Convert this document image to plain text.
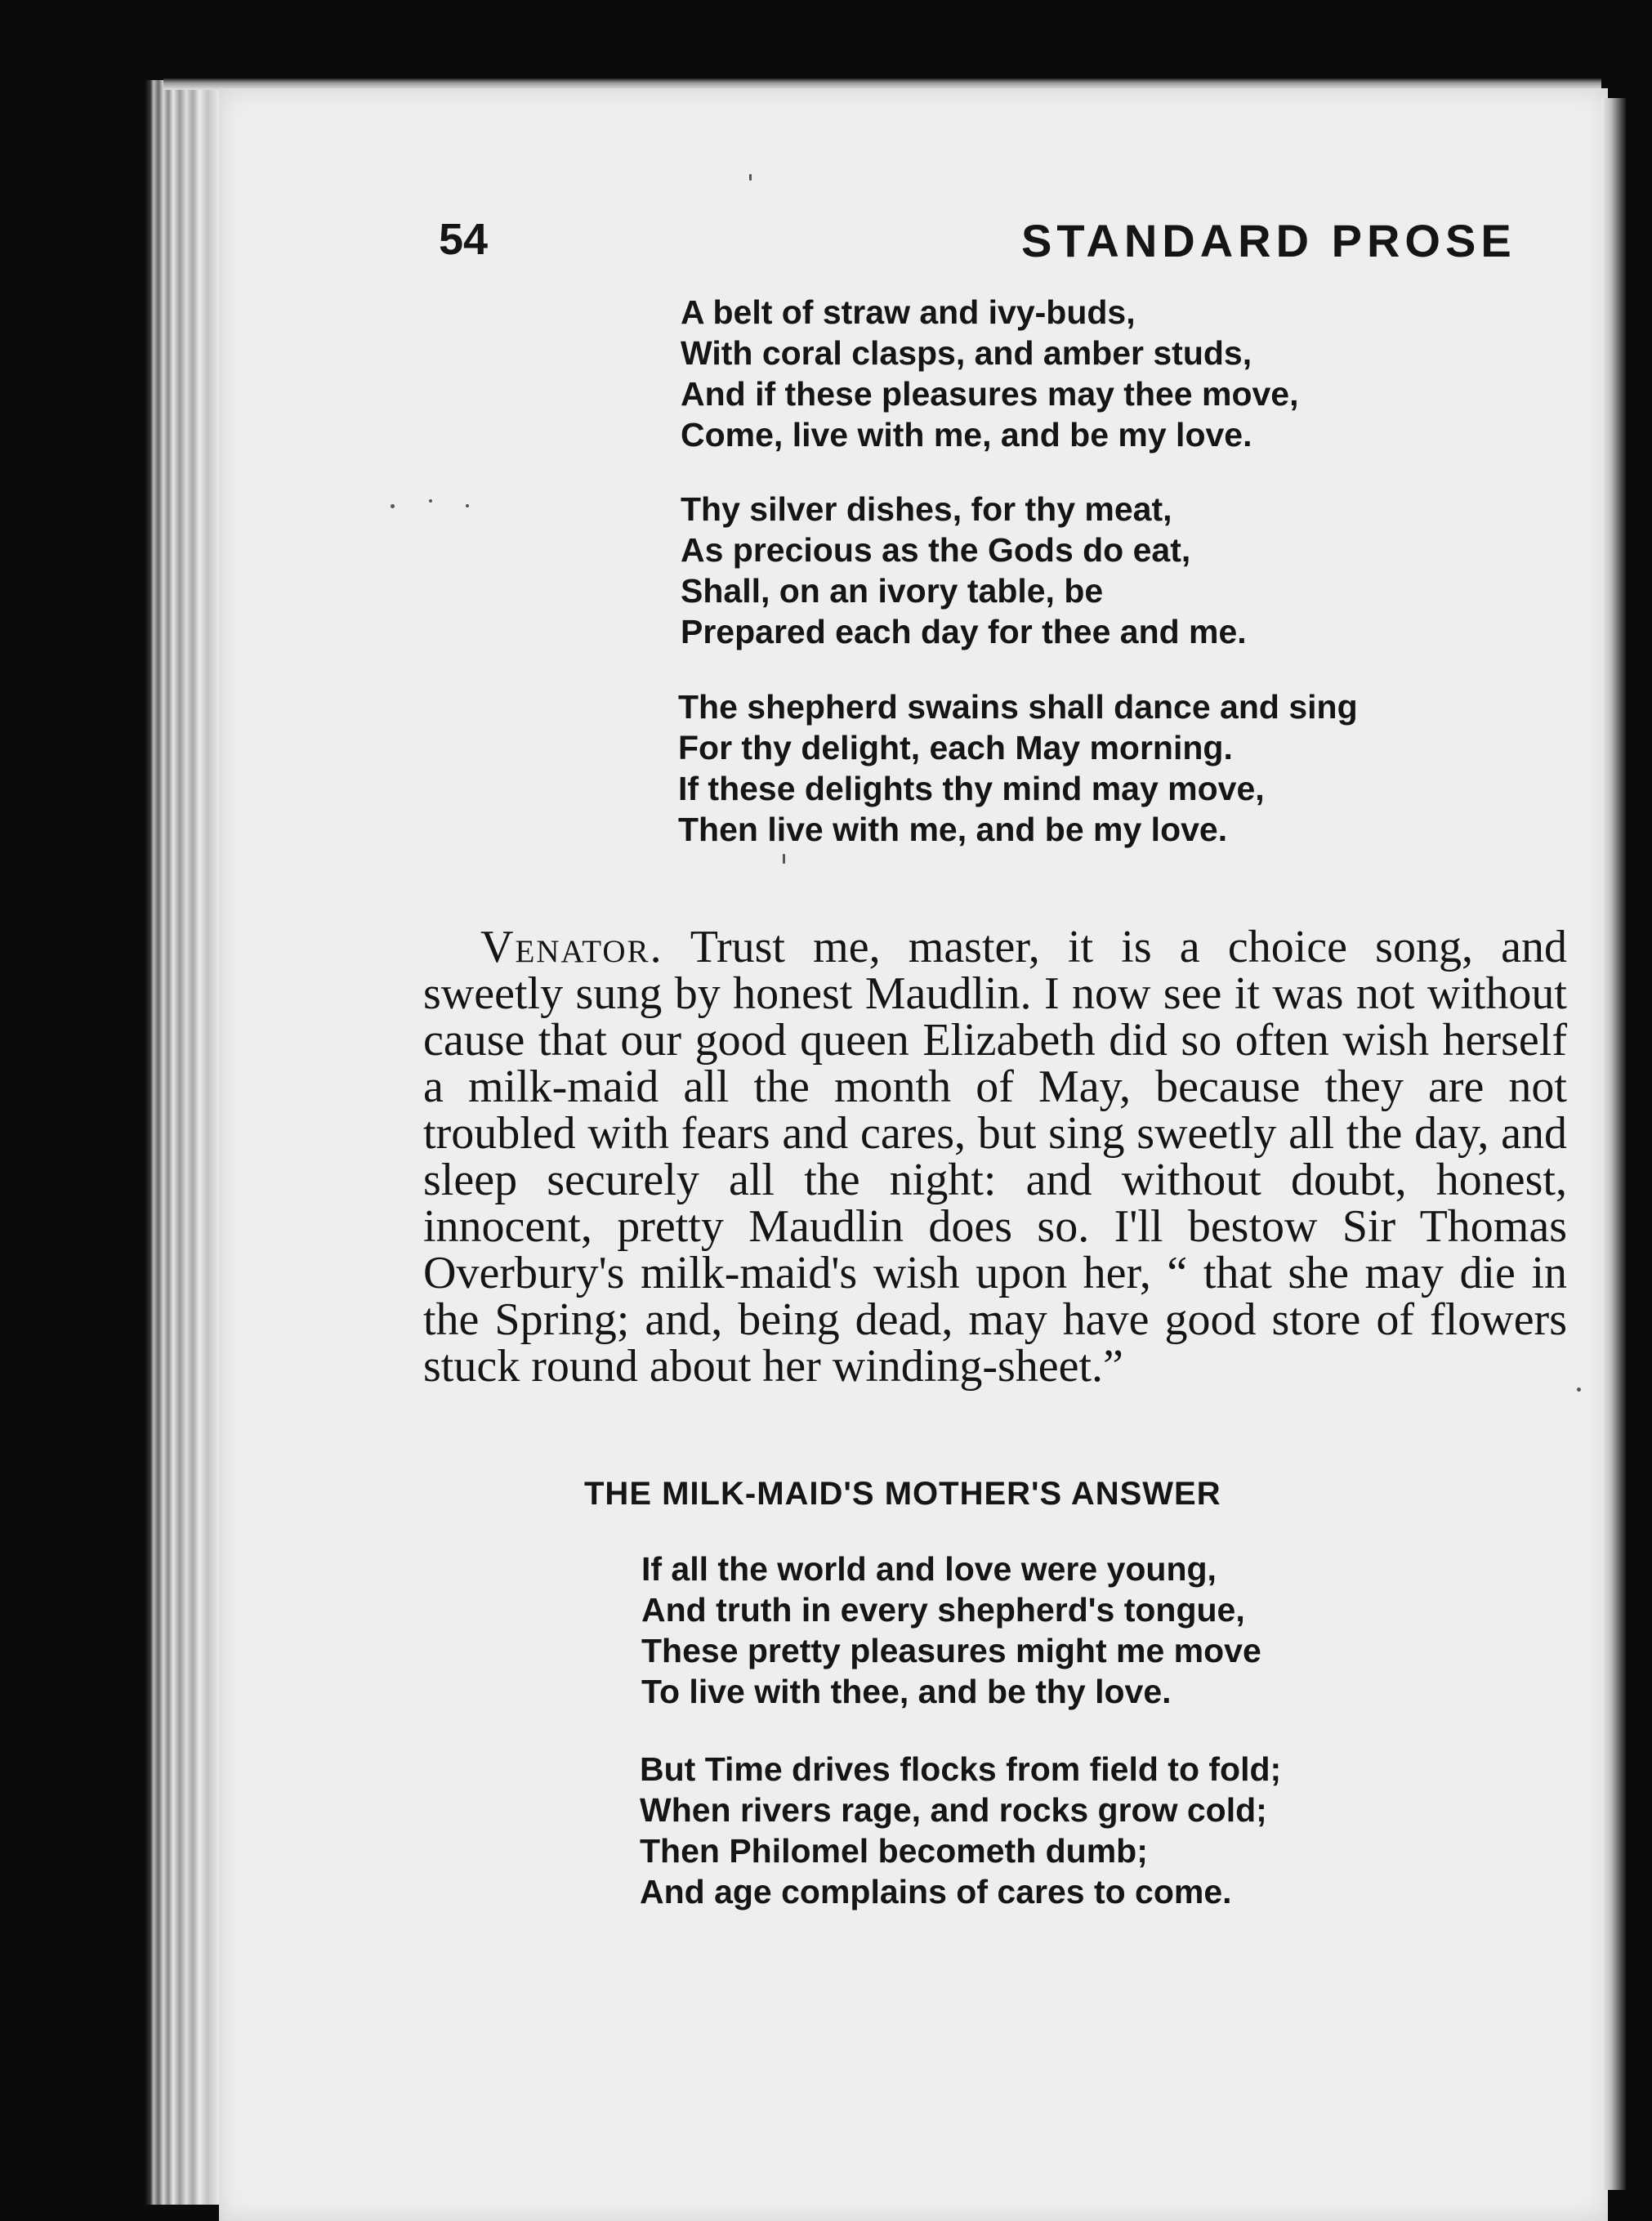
54	STANDARD PROSE
A belt of straw and ivy-buds,
With coral clasps, and amber studs,
And if these pleasures may thee move,
Come, live with me, and be my love.
Thy silver dishes, for thy meat,
As precious as the Gods do eat,
Shall, on an ivory table, be
Prepared each day for thee and me.
The shepherd swains shall dance and sing
For thy delight, each May morning.
If these delights thy mind may move,
Then live with me, and be my love.

Venator. Trust me, master, it is a choice song, and sweetly sung by honest Maudlin. I now see it was not without cause that our good queen Elizabeth did so often wish herself a milk-maid all the month of May, because they are not troubled with fears and cares, but sing sweetly all the day, and sleep securely all the night: and without doubt, honest, innocent, pretty Maudlin does so. I'll bestow Sir Thomas Overbury's milk-maid's wish upon her, “ that she may die in the Spring; and, being dead, may have good store of flowers stuck round about her winding-sheet.”

THE MILK-MAID'S MOTHER'S ANSWER
If all the world and love were young,
And truth in every shepherd's tongue,
These pretty pleasures might me move
To live with thee, and be thy love.
But Time drives flocks from field to fold;
When rivers rage, and rocks grow cold;
Then Philomel becometh dumb;
And age complains of cares to come.
